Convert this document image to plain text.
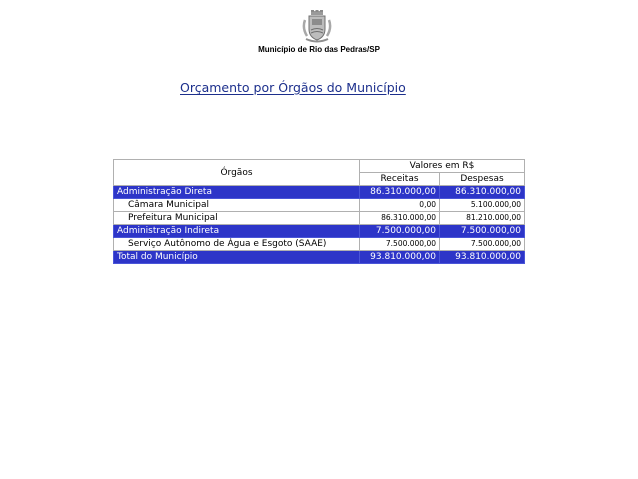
Município de Rio das Pedras/SP
Orçamento por Órgãos do Município
Órgãos	Valores em R$	
	Receitas	Despesas
Administração Direta	86.310.000,00	86.310.000,00
Câmara Municipal	0,00	5.100.000,00
Prefeitura Municipal	86.310.000,00	81.210.000,00
Administração Indireta	7.500.000,00	7.500.000,00
Serviço Autônomo de Água e Esgoto (SAAE)	7.500.000,00	7.500.000,00
Total do Município	93.810.000,00	93.810.000,00
